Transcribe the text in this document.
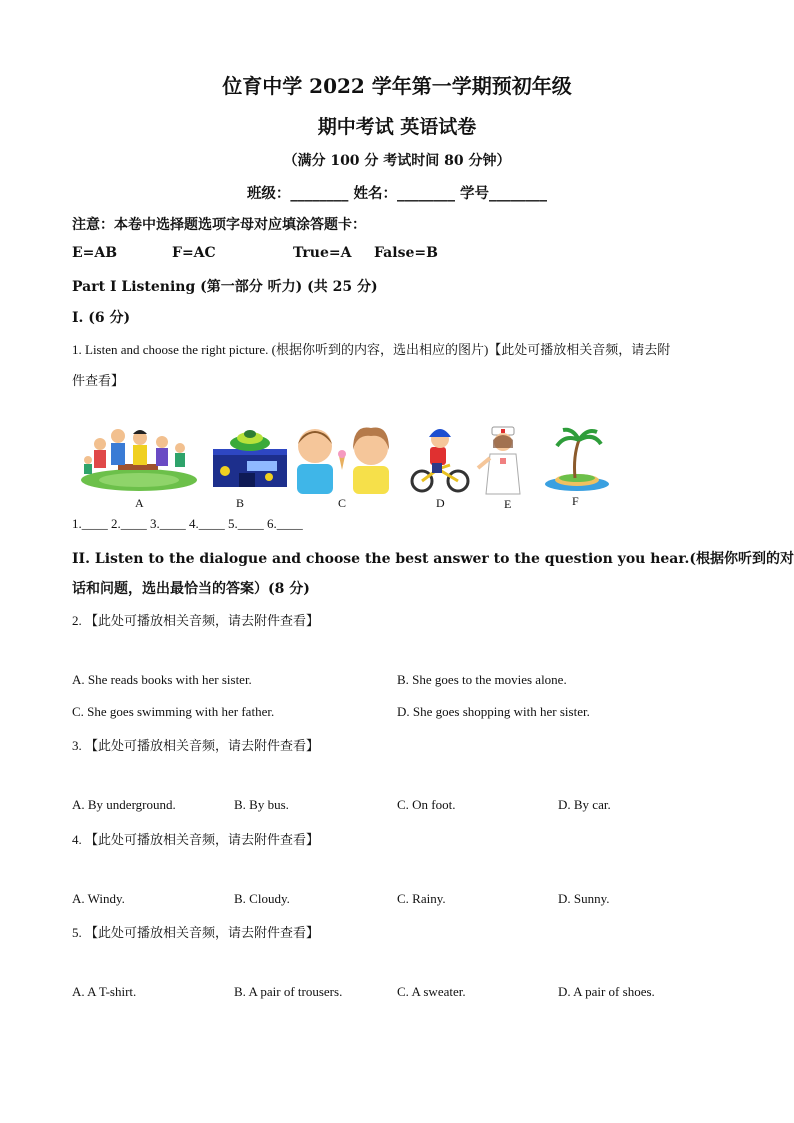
位育中学 2022 学年第一学期预初年级
期中考试 英语试卷
（满分 100 分 考试时间 80 分钟）
班级：________ 姓名：________ 学号________
注意：本卷中选择题选项字母对应填涂答题卡：
E=AB	F=AC	True=A False=B
Part Ⅰ Listening (第一部分 听力) (共 25 分)
I. (6 分)
1. Listen and choose the right picture. (根据你听到的内容，选出相应的图片)【此处可播放相关音频，请去附
件查看】
A	B	C	D	E	F
1.____ 2.____ 3.____ 4.____ 5.____ 6.____
II. Listen to the dialogue and choose the best answer to the question you hear.(根据你听到的对
话和问题，选出最恰当的答案）(8 分)
2. 【此处可播放相关音频，请去附件查看】
A. She reads books with her sister.	B. She goes to the movies alone.
C. She goes swimming with her father.	D. She goes shopping with her sister.
3. 【此处可播放相关音频，请去附件查看】
A. By underground.	B. By bus.	C. On foot.	D. By car.
4. 【此处可播放相关音频，请去附件查看】
A. Windy.	B. Cloudy.	C. Rainy.	D. Sunny.
5. 【此处可播放相关音频，请去附件查看】
A. A T-shirt.	B. A pair of trousers.	C. A sweater.	D. A pair of shoes.
